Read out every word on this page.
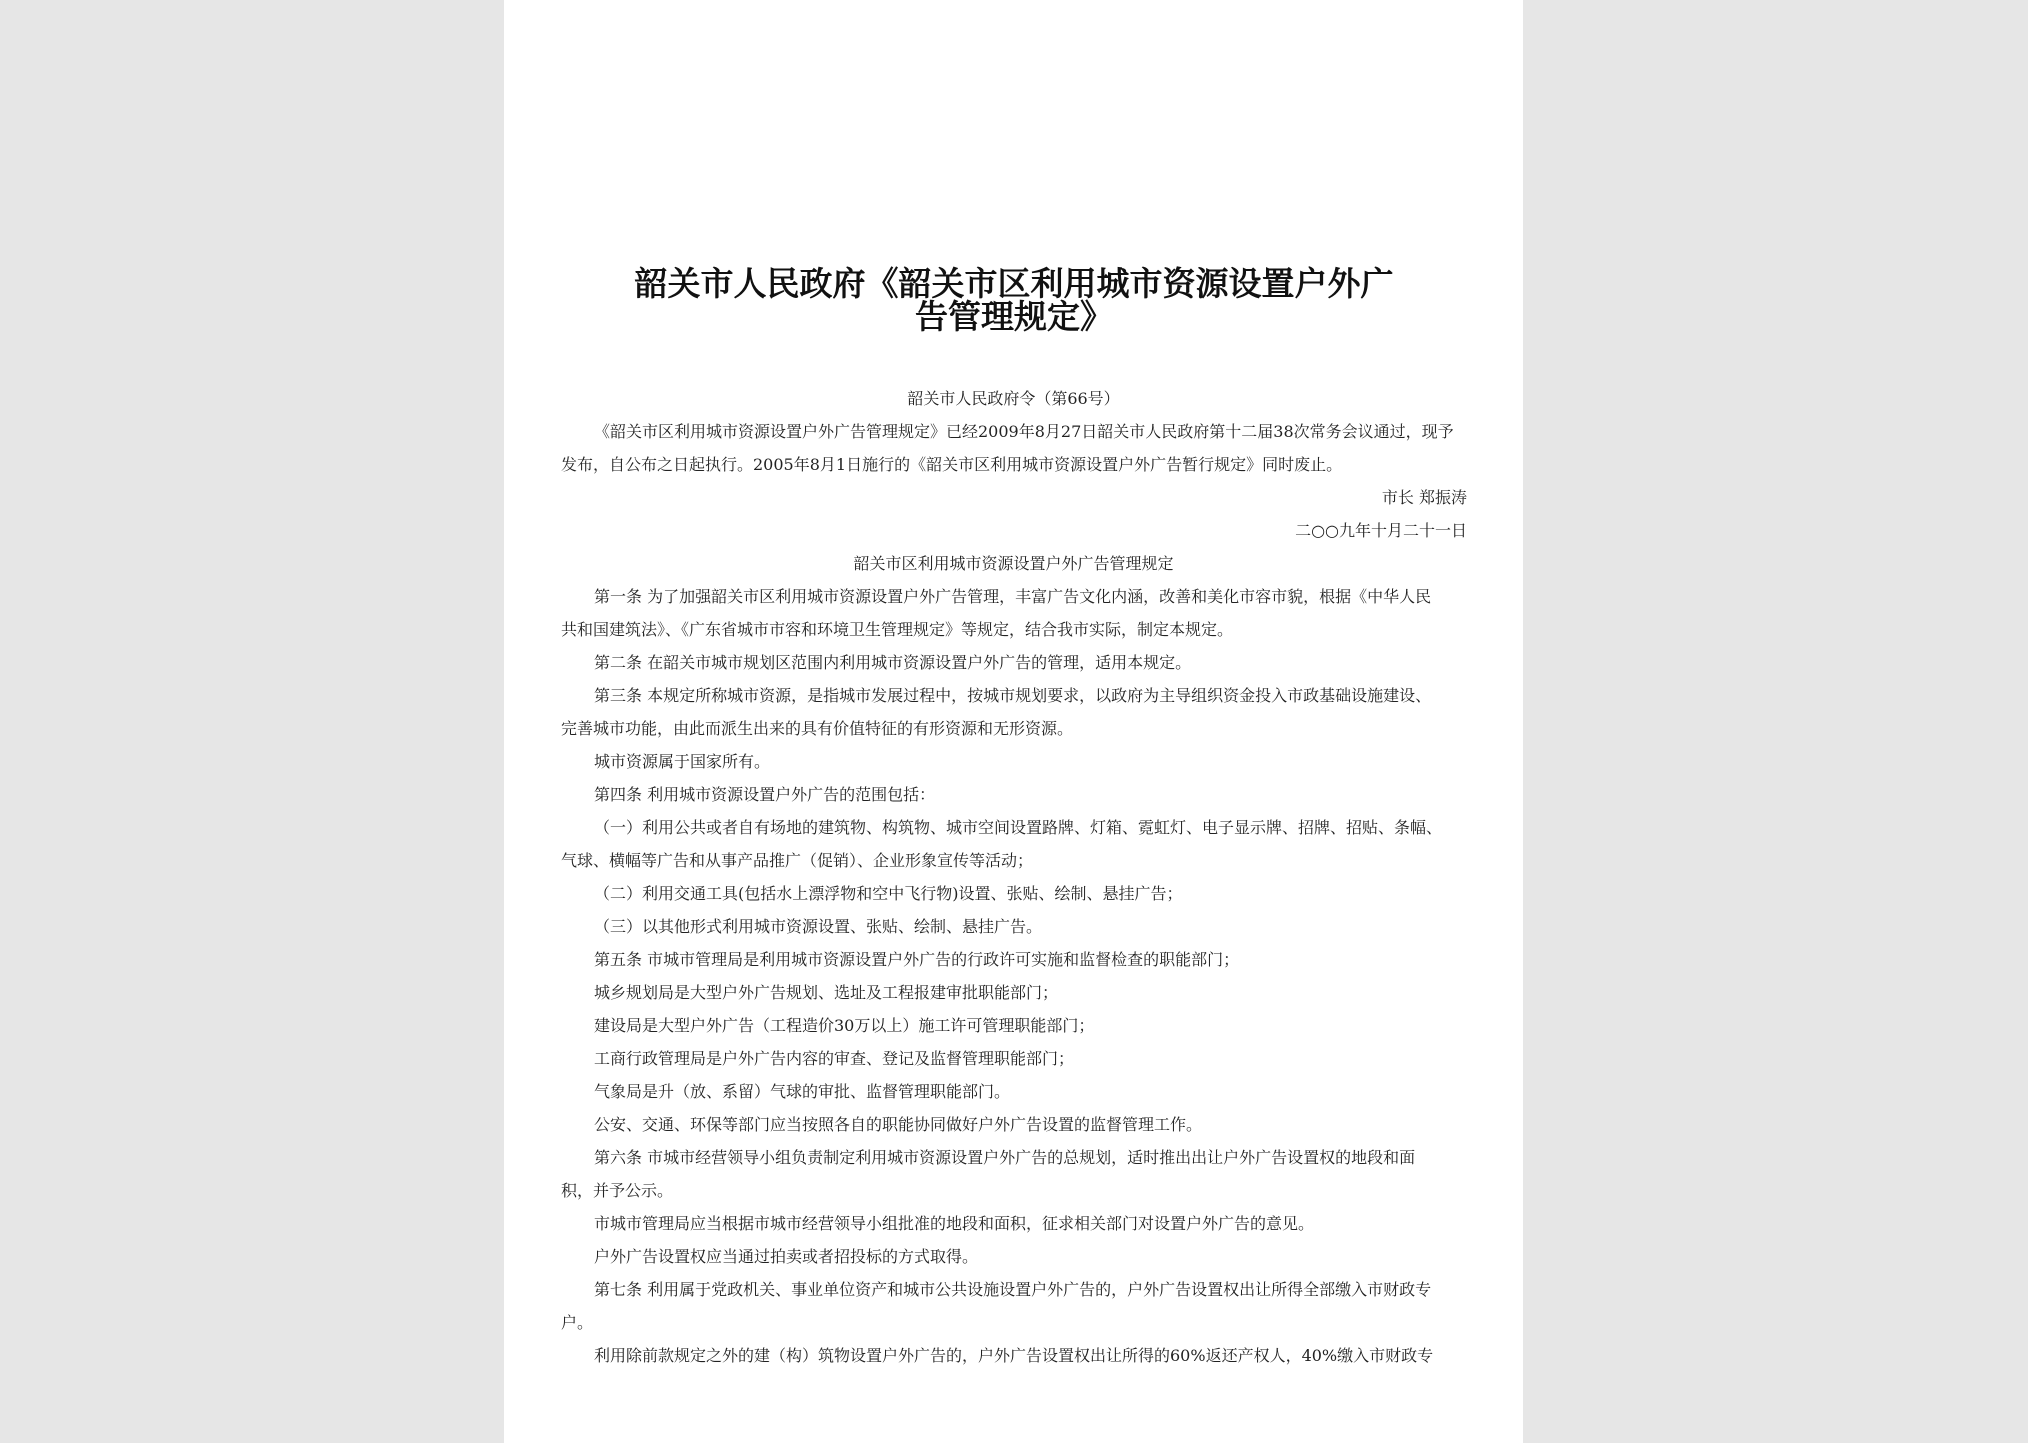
韶关市人民政府《韶关市区利用城市资源设置户外广
告管理规定》

韶关市人民政府令（第66号）

《韶关市区利用城市资源设置户外广告管理规定》已经2009年8月27日韶关市人民政府第十二届38次常务会议通过，现予

发布，自公布之日起执行。2005年8月1日施行的《韶关市区利用城市资源设置户外广告暂行规定》同时废止。

市长 郑振涛

二○○九年十月二十一日

韶关市区利用城市资源设置户外广告管理规定

第一条 为了加强韶关市区利用城市资源设置户外广告管理，丰富广告文化内涵，改善和美化市容市貌，根据《中华人民

共和国建筑法》、《广东省城市市容和环境卫生管理规定》等规定，结合我市实际，制定本规定。

第二条 在韶关市城市规划区范围内利用城市资源设置户外广告的管理，适用本规定。

第三条 本规定所称城市资源，是指城市发展过程中，按城市规划要求，以政府为主导组织资金投入市政基础设施建设、

完善城市功能，由此而派生出来的具有价值特征的有形资源和无形资源。

城市资源属于国家所有。

第四条 利用城市资源设置户外广告的范围包括：

（一）利用公共或者自有场地的建筑物、构筑物、城市空间设置路牌、灯箱、霓虹灯、电子显示牌、招牌、招贴、条幅、

气球、横幅等广告和从事产品推广（促销）、企业形象宣传等活动；

（二）利用交通工具(包括水上漂浮物和空中飞行物)设置、张贴、绘制、悬挂广告；

（三）以其他形式利用城市资源设置、张贴、绘制、悬挂广告。

第五条 市城市管理局是利用城市资源设置户外广告的行政许可实施和监督检查的职能部门；

城乡规划局是大型户外广告规划、选址及工程报建审批职能部门；

建设局是大型户外广告（工程造价30万以上）施工许可管理职能部门；

工商行政管理局是户外广告内容的审查、登记及监督管理职能部门；

气象局是升（放、系留）气球的审批、监督管理职能部门。

公安、交通、环保等部门应当按照各自的职能协同做好户外广告设置的监督管理工作。

第六条 市城市经营领导小组负责制定利用城市资源设置户外广告的总规划，适时推出出让户外广告设置权的地段和面

积，并予公示。

市城市管理局应当根据市城市经营领导小组批准的地段和面积，征求相关部门对设置户外广告的意见。

户外广告设置权应当通过拍卖或者招投标的方式取得。

第七条 利用属于党政机关、事业单位资产和城市公共设施设置户外广告的，户外广告设置权出让所得全部缴入市财政专

户。

利用除前款规定之外的建（构）筑物设置户外广告的，户外广告设置权出让所得的60%返还产权人，40%缴入市财政专
